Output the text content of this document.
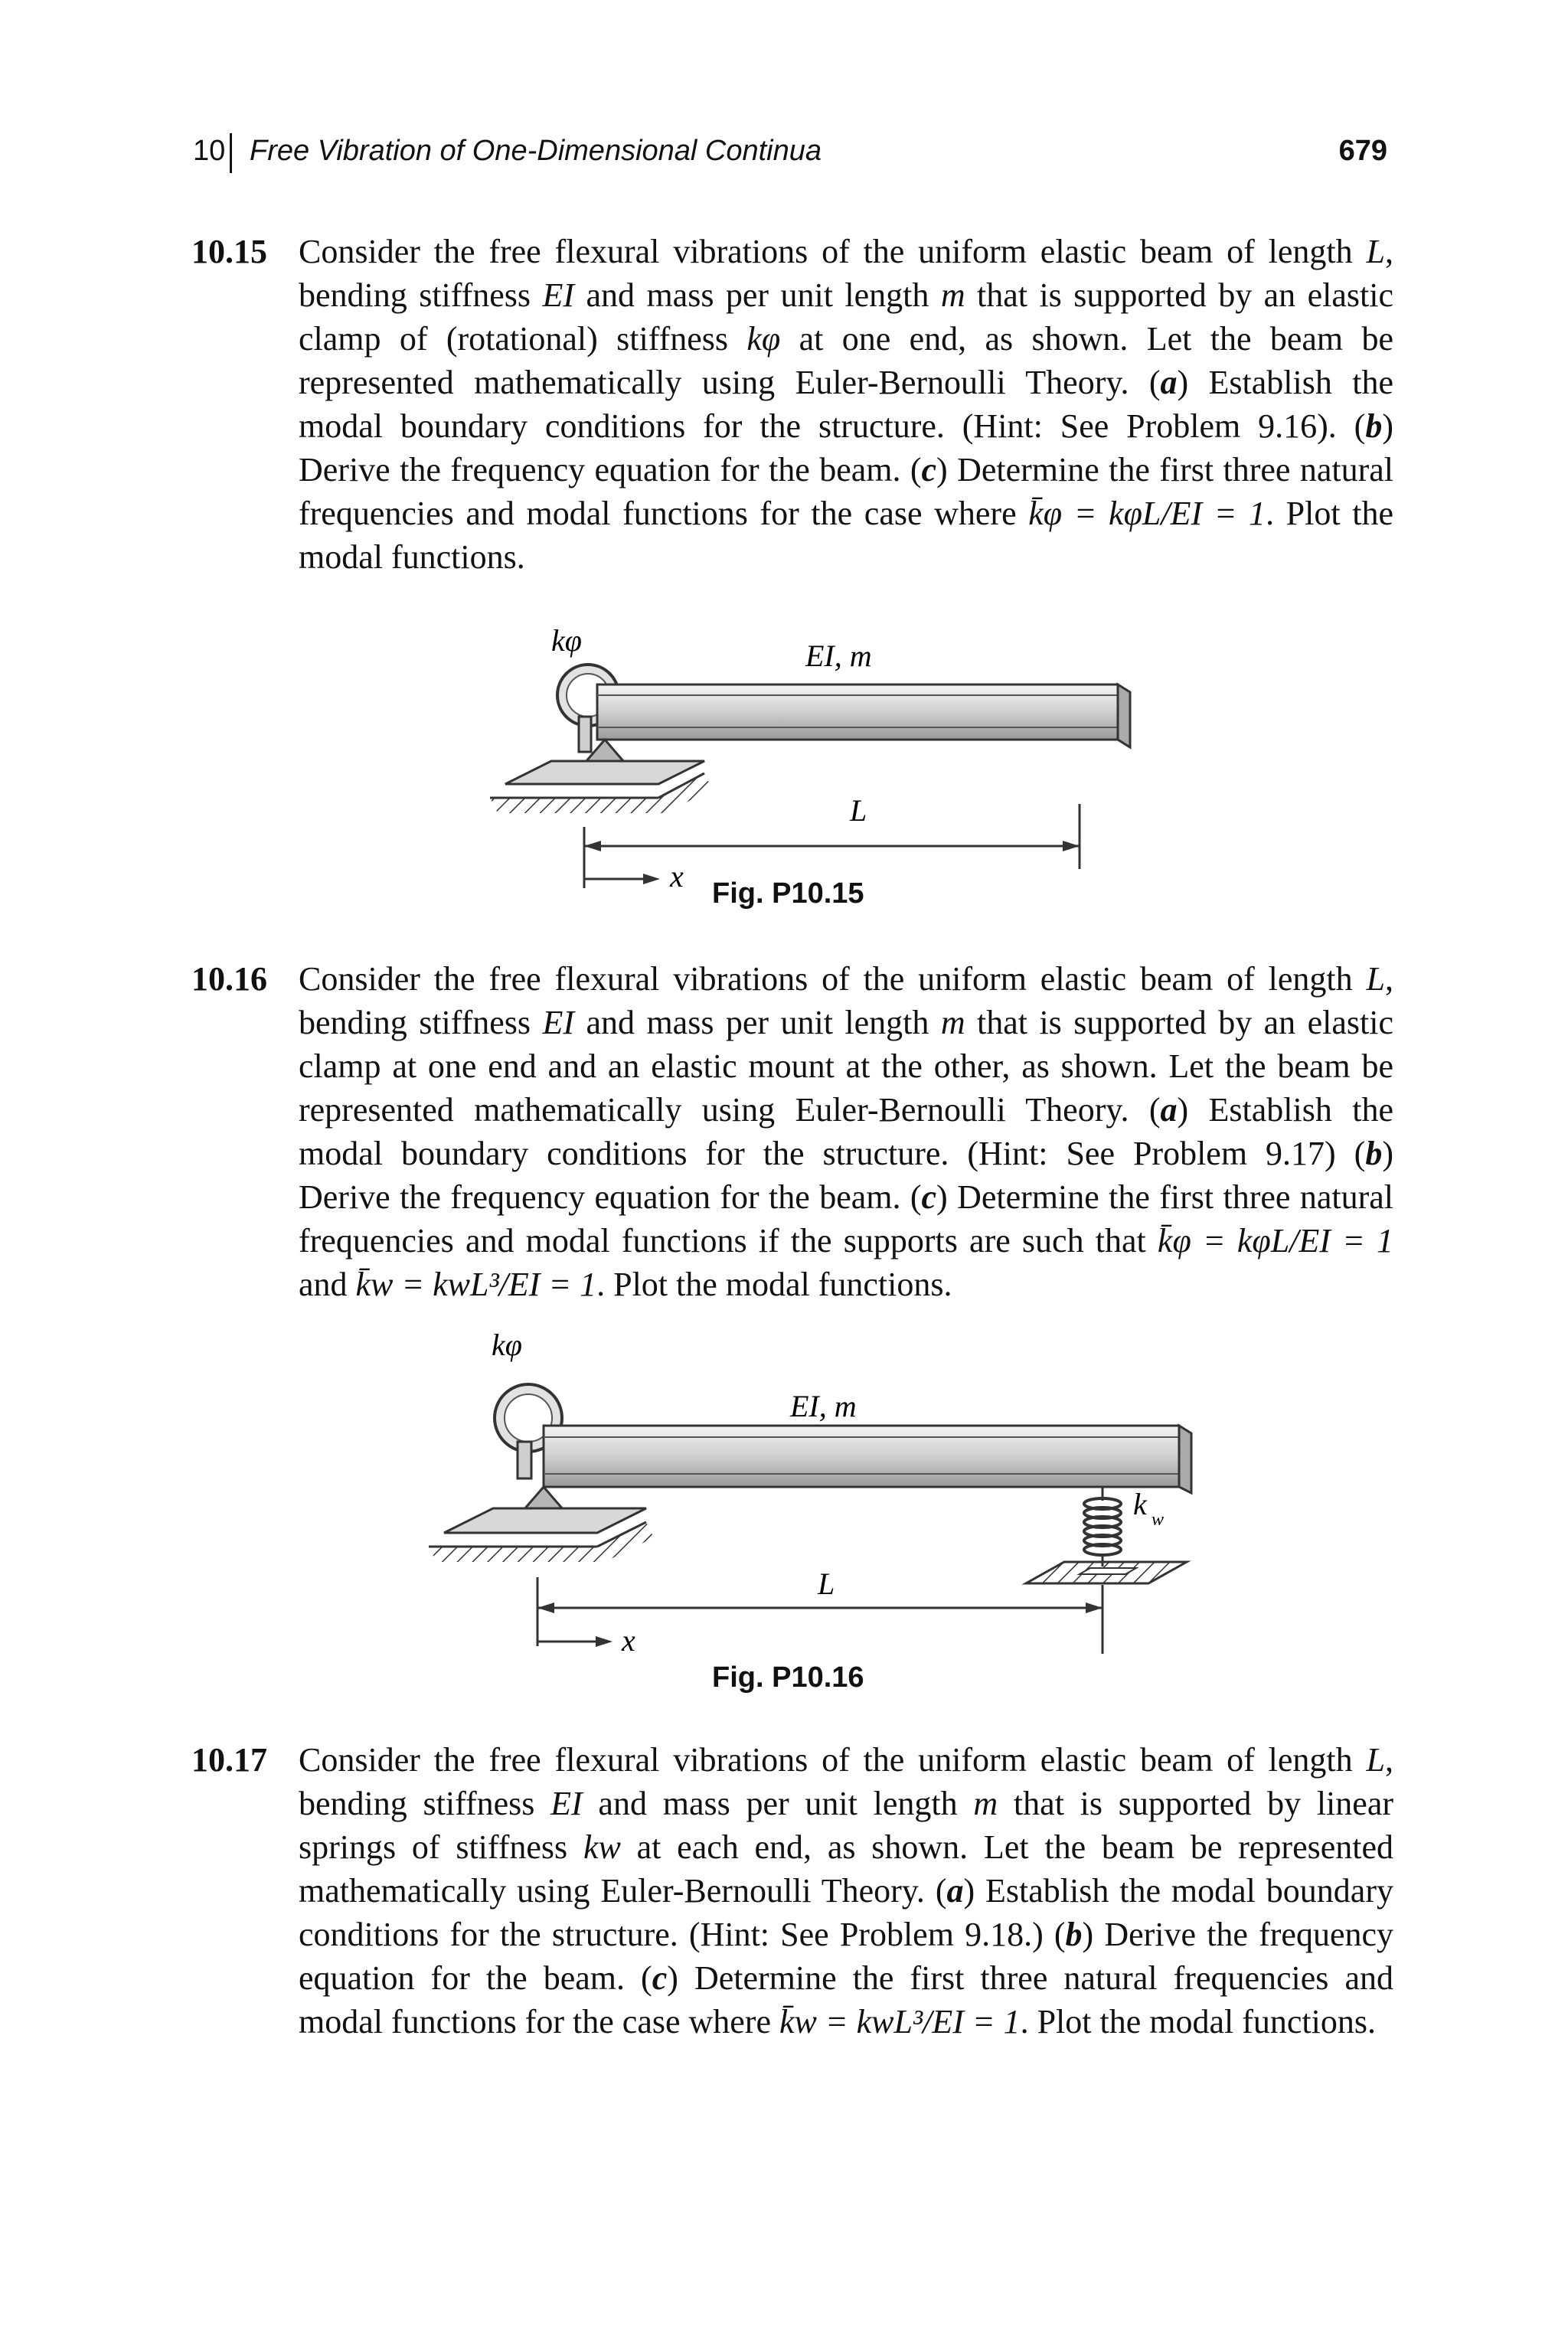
10 Free Vibration of One-Dimensional Continua	679
10.15 Consider the free flexural vibrations of the uniform elastic beam of length L, bending stiffness EI and mass per unit length m that is supported by an elastic clamp of (rotational) stiffness kφ at one end, as shown. Let the beam be represented mathematically using Euler-Bernoulli Theory. (a) Establish the modal boundary conditions for the structure. (Hint: See Problem 9.16). (b) Derive the frequency equation for the beam. (c) Determine the first three natural frequencies and modal functions for the case where k̄φ = kφL/EI = 1. Plot the modal functions.
kφ	EI, m
L
x Fig. P10.15
10.16 Consider the free flexural vibrations of the uniform elastic beam of length L, bending stiffness EI and mass per unit length m that is supported by an elastic clamp at one end and an elastic mount at the other, as shown. Let the beam be represented mathematically using Euler-Bernoulli Theory. (a) Establish the modal boundary conditions for the structure. (Hint: See Problem 9.17) (b) Derive the frequency equation for the beam. (c) Determine the first three natural frequencies and modal functions if the supports are such that k̄φ = kφL/EI = 1 and k̄w = kwL³/EI = 1. Plot the modal functions.
kφ
EI, m
k w
L
x
Fig. P10.16
10.17 Consider the free flexural vibrations of the uniform elastic beam of length L, bending stiffness EI and mass per unit length m that is supported by linear springs of stiffness kw at each end, as shown. Let the beam be represented mathematically using Euler-Bernoulli Theory. (a) Establish the modal boundary conditions for the structure. (Hint: See Problem 9.18.) (b) Derive the frequency equation for the beam. (c) Determine the first three natural frequencies and modal functions for the case where k̄w = kwL³/EI = 1. Plot the modal functions.
